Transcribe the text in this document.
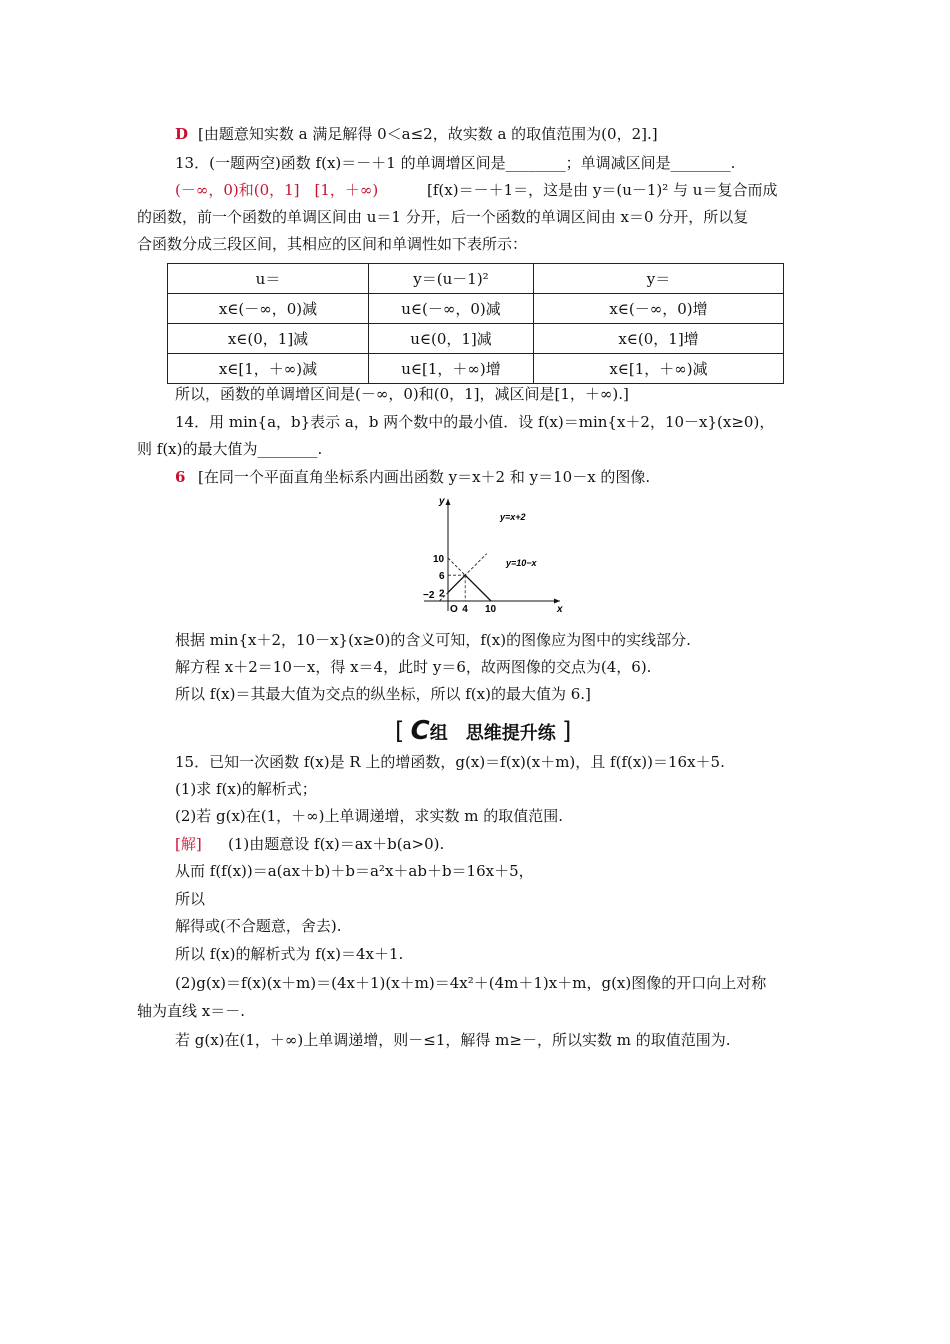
D [由题意知实数 a 满足解得 0＜a≤2，故实数 a 的取值范围为(0，2].]
13．(一题两空)函数 f(x)＝－＋1 的单调增区间是________；单调减区间是________.
(－∞，0)和(0，1]　[1，＋∞) 　[f(x)＝－＋1＝，这是由 y＝(u－1)² 与 u＝复合而成
的函数，前一个函数的单调区间由 u＝1 分开，后一个函数的单调区间由 x＝0 分开，所以复
合函数分成三段区间，其相应的区间和单调性如下表所示：
u＝	y＝(u－1)²	y＝
x∈(－∞，0)减	u∈(－∞，0)减	x∈(－∞，0)增
x∈(0，1]减	u∈(0，1]减	x∈(0，1]增
x∈[1，＋∞)减	u∈[1，＋∞)增	x∈[1，＋∞)减
所以，函数的单调增区间是(－∞，0)和(0，1]，减区间是[1，＋∞).]
14．用 min{a，b}表示 a，b 两个数中的最小值．设 f(x)＝min{x＋2，10－x}(x≥0)，
则 f(x)的最大值为________.
6 [在同一个平面直角坐标系内画出函数 y＝x＋2 和 y＝10－x 的图像.
4 10
2
6
10
−2
O	x
y
y=x+2
y=10−x
根据 min{x＋2，10－x}(x≥0)的含义可知，f(x)的图像应为图中的实线部分.
解方程 x＋2＝10－x，得 x＝4，此时 y＝6，故两图像的交点为(4，6).
所以 f(x)＝其最大值为交点的纵坐标，所以 f(x)的最大值为 6.]
[ C组　思维提升练 ]
15．已知一次函数 f(x)是 R 上的增函数，g(x)＝f(x)(x＋m)，且 f(f(x))＝16x＋5.
(1)求 f(x)的解析式；
(2)若 g(x)在(1，＋∞)上单调递增，求实数 m 的取值范围.
[解] 　(1)由题意设 f(x)＝ax＋b(a>0).
从而 f(f(x))＝a(ax＋b)＋b＝a²x＋ab＋b＝16x＋5，
所以
解得或(不合题意，舍去).
所以 f(x)的解析式为 f(x)＝4x＋1.
(2)g(x)＝f(x)(x＋m)＝(4x＋1)(x＋m)＝4x²＋(4m＋1)x＋m，g(x)图像的开口向上对称
轴为直线 x＝－.
若 g(x)在(1，＋∞)上单调递增，则－≤1，解得 m≥－，所以实数 m 的取值范围为.
